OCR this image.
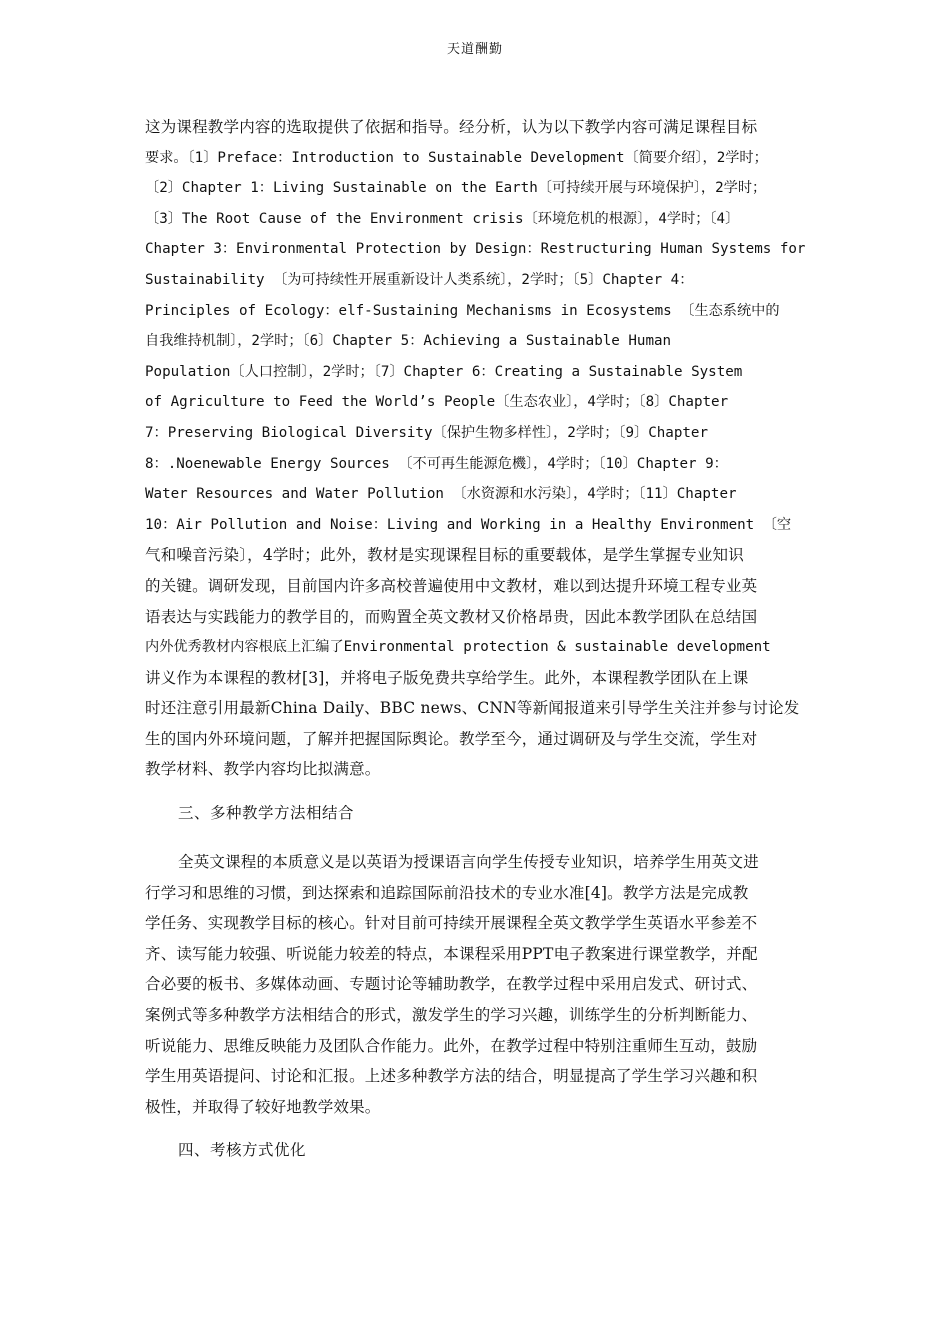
天道酬勤
这为课程教学内容的选取提供了依据和指导。经分析，认为以下教学内容可满足课程目标
要求。〔1〕Preface：Introduction to Sustainable Development〔简要介绍〕，2学时；
〔2〕Chapter 1：Living Sustainable on the Earth〔可持续开展与环境保护〕，2学时；
〔3〕The Root Cause of the Environment crisis〔环境危机的根源〕，4学时；〔4〕
Chapter 3：Environmental Protection by Design：Restructuring Human Systems for
Sustainability 〔为可持续性开展重新设计人类系统〕，2学时；〔5〕Chapter 4：
Principles of Ecology：elf-Sustaining Mechanisms in Ecosystems 〔生态系统中的
自我维持机制〕，2学时；〔6〕Chapter 5：Achieving a Sustainable Human
Population〔人口控制〕，2学时；〔7〕Chapter 6：Creating a Sustainable System
of Agriculture to Feed the World’s People〔生态农业〕，4学时；〔8〕Chapter
7：Preserving Biological Diversity〔保护生物多样性〕，2学时；〔9〕Chapter
8：.Noenewable Energy Sources 〔不可再生能源危機〕，4学时；〔10〕Chapter 9：
Water Resources and Water Pollution 〔水资源和水污染〕，4学时；〔11〕Chapter
10：Air Pollution and Noise：Living and Working in a Healthy Environment 〔空
气和噪音污染〕，4学时；此外，教材是实现课程目标的重要载体，是学生掌握专业知识
的关键。调研发现，目前国内许多高校普遍使用中文教材，难以到达提升环境工程专业英
语表达与实践能力的教学目的，而购置全英文教材又价格昂贵，因此本教学团队在总结国
内外优秀教材内容根底上汇编了Environmental protection & sustainable development
讲义作为本课程的教材[3]，并将电子版免费共享给学生。此外，本课程教学团队在上课
时还注意引用最新China Daily、BBC news、CNN等新闻报道来引导学生关注并参与讨论发
生的国内外环境问题，了解并把握国际舆论。教学至今，通过调研及与学生交流，学生对
教学材料、教学内容均比拟满意。
三、多种教学方法相结合
全英文课程的本质意义是以英语为授课语言向学生传授专业知识，培养学生用英文进
行学习和思维的习惯，到达探索和追踪国际前沿技术的专业水准[4]。教学方法是完成教
学任务、实现教学目标的核心。针对目前可持续开展课程全英文教学学生英语水平参差不
齐、读写能力较强、听说能力较差的特点，本课程采用PPT电子教案进行课堂教学，并配
合必要的板书、多媒体动画、专题讨论等辅助教学，在教学过程中采用启发式、研讨式、
案例式等多种教学方法相结合的形式，激发学生的学习兴趣，训练学生的分析判断能力、
听说能力、思维反映能力及团队合作能力。此外，在教学过程中特别注重师生互动，鼓励
学生用英语提问、讨论和汇报。上述多种教学方法的结合，明显提高了学生学习兴趣和积
极性，并取得了较好地教学效果。
四、考核方式优化
